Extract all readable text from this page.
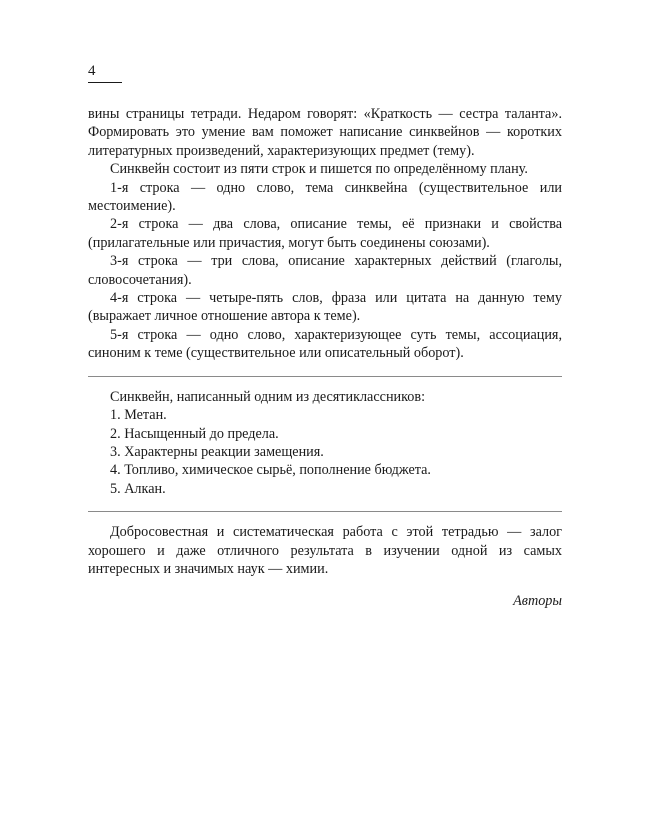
4

вины страницы тетради. Недаром говорят: «Краткость — сестра таланта». Формировать это умение вам поможет написание синквейнов — коротких литературных произведений, характеризующих предмет (тему).

Синквейн состоит из пяти строк и пишется по определённому плану.

1-я строка — одно слово, тема синквейна (существительное или местоимение).

2-я строка — два слова, описание темы, её признаки и свойства (прилагательные или причастия, могут быть соединены союзами).

3-я строка — три слова, описание характерных действий (глаголы, словосочетания).

4-я строка — четыре-пять слов, фраза или цитата на данную тему (выражает личное отношение автора к теме).

5-я строка — одно слово, характеризующее суть темы, ассоциация, синоним к теме (существительное или описательный оборот).

Синквейн, написанный одним из десятиклассников:

1. Метан.

2. Насыщенный до предела.

3. Характерны реакции замещения.

4. Топливо, химическое сырьё, пополнение бюджета.

5. Алкан.

Добросовестная и систематическая работа с этой тетрадью — залог хорошего и даже отличного результата в изучении одной из самых интересных и значимых наук — химии.

Авторы
